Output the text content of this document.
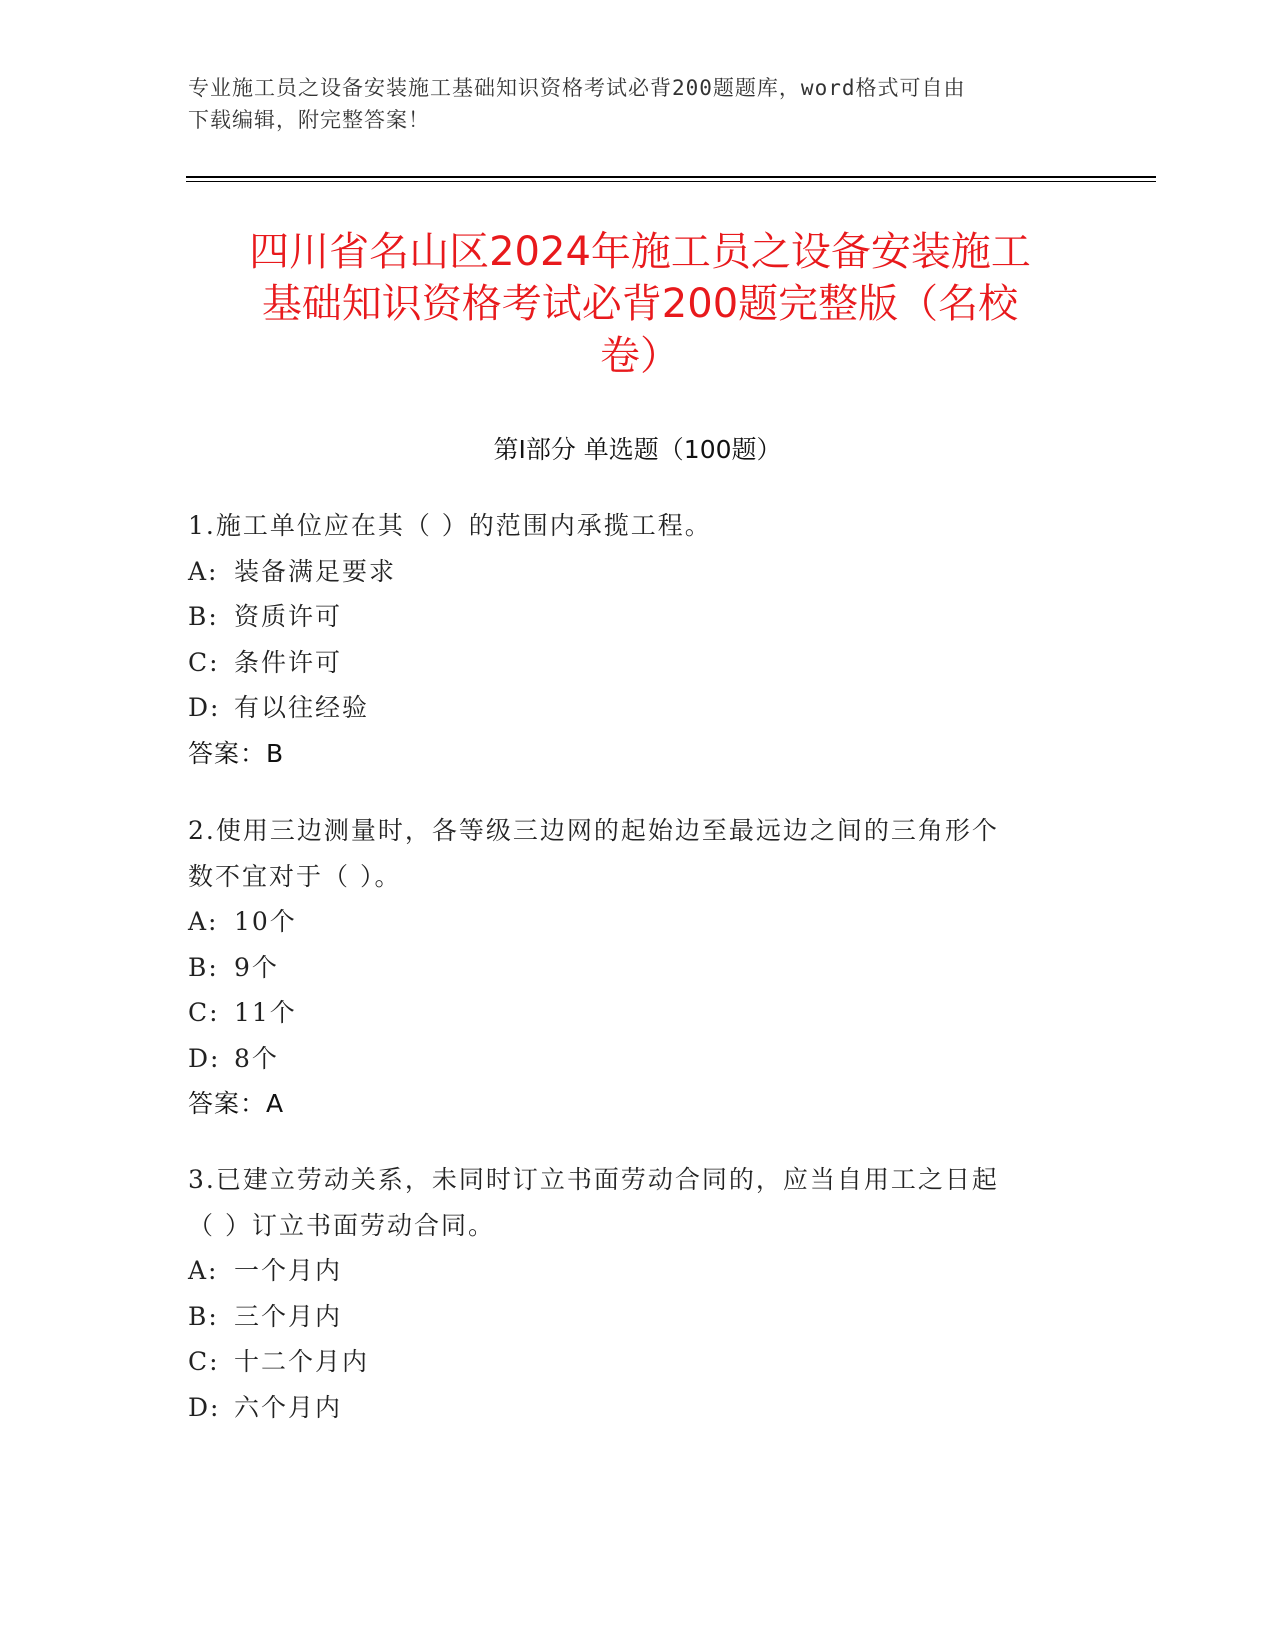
专业施工员之设备安装施工基础知识资格考试必背200题题库，word格式可自由
下载编辑，附完整答案！
四川省名山区2024年施工员之设备安装施工
基础知识资格考试必背200题完整版（名校
卷）
第Ⅰ部分 单选题（100题）
1.施工单位应在其（ ）的范围内承揽工程。
A: 装备满足要求
B: 资质许可
C: 条件许可
D: 有以往经验
答案：B
2.使用三边测量时，各等级三边网的起始边至最远边之间的三角形个
数不宜对于（ ）。
A: 10个
B: 9个
C: 11个
D: 8个
答案：A
3.已建立劳动关系，未同时订立书面劳动合同的，应当自用工之日起
（ ）订立书面劳动合同。
A: 一个月内
B: 三个月内
C: 十二个月内
D: 六个月内
